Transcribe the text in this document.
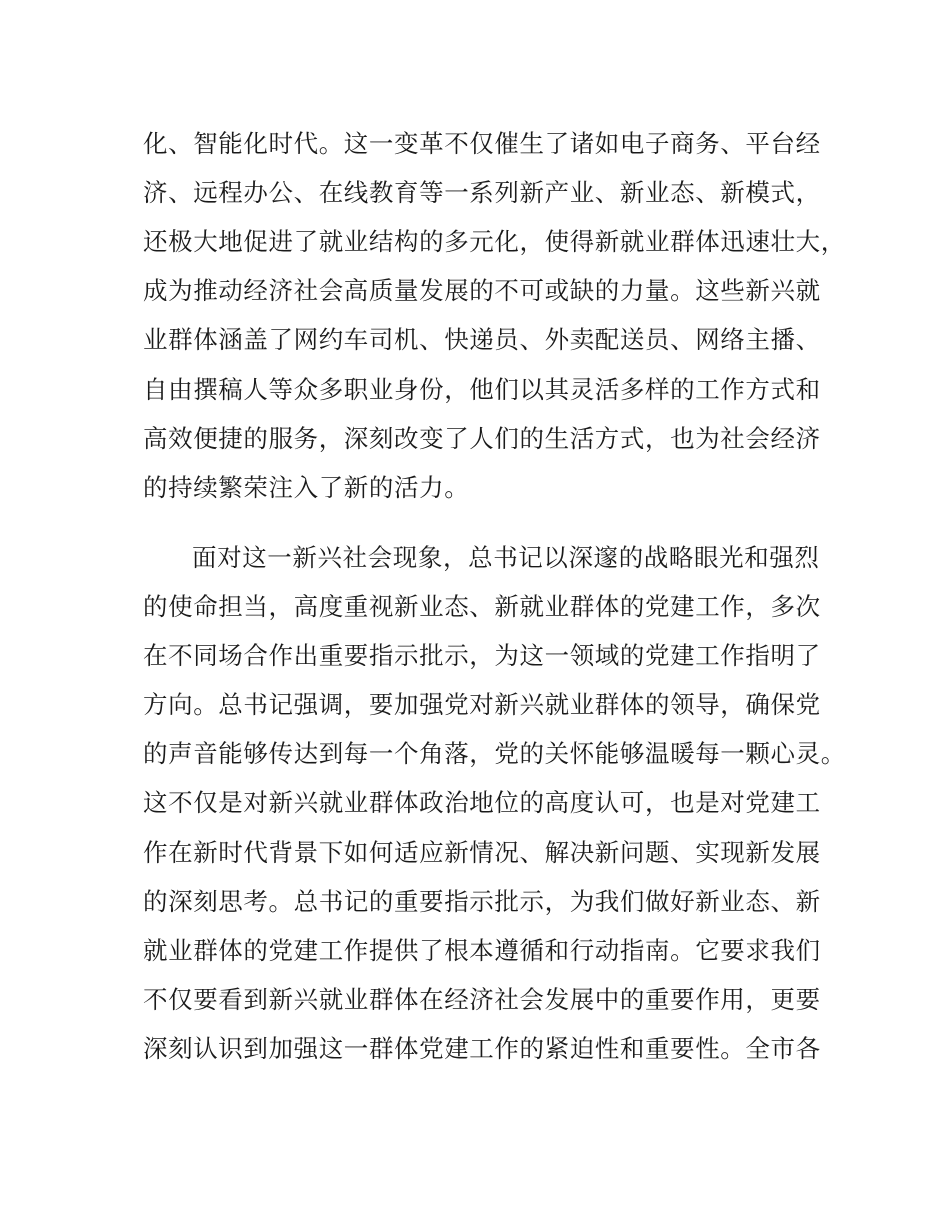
化、智能化时代。这一变革不仅催生了诸如电子商务、平台经
济、远程办公、在线教育等一系列新产业、新业态、新模式，
还极大地促进了就业结构的多元化，使得新就业群体迅速壮大，
成为推动经济社会高质量发展的不可或缺的力量。这些新兴就
业群体涵盖了网约车司机、快递员、外卖配送员、网络主播、
自由撰稿人等众多职业身份，他们以其灵活多样的工作方式和
高效便捷的服务，深刻改变了人们的生活方式，也为社会经济
的持续繁荣注入了新的活力。
面对这一新兴社会现象，总书记以深邃的战略眼光和强烈
的使命担当，高度重视新业态、新就业群体的党建工作，多次
在不同场合作出重要指示批示，为这一领域的党建工作指明了
方向。总书记强调，要加强党对新兴就业群体的领导，确保党
的声音能够传达到每一个角落，党的关怀能够温暖每一颗心灵。
这不仅是对新兴就业群体政治地位的高度认可，也是对党建工
作在新时代背景下如何适应新情况、解决新问题、实现新发展
的深刻思考。总书记的重要指示批示，为我们做好新业态、新
就业群体的党建工作提供了根本遵循和行动指南。它要求我们
不仅要看到新兴就业群体在经济社会发展中的重要作用，更要
深刻认识到加强这一群体党建工作的紧迫性和重要性。全市各
